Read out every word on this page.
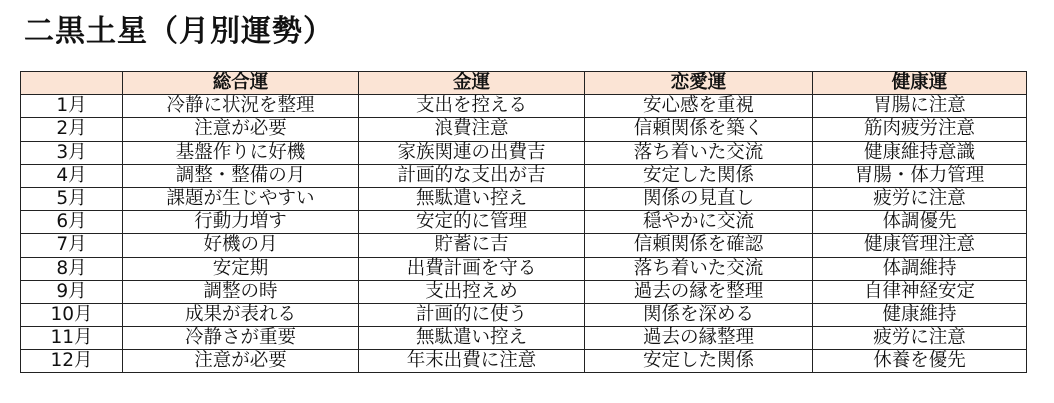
二黒土星（月別運勢）
	総合運	金運	恋愛運	健康運
1月	冷静に状況を整理	支出を控える	安心感を重視	胃腸に注意
2月	注意が必要	浪費注意	信頼関係を築く	筋肉疲労注意
3月	基盤作りに好機	家族関連の出費吉	落ち着いた交流	健康維持意識
4月	調整・整備の月	計画的な支出が吉	安定した関係	胃腸・体力管理
5月	課題が生じやすい	無駄遣い控え	関係の見直し	疲労に注意
6月	行動力増す	安定的に管理	穏やかに交流	体調優先
7月	好機の月	貯蓄に吉	信頼関係を確認	健康管理注意
8月	安定期	出費計画を守る	落ち着いた交流	体調維持
9月	調整の時	支出控えめ	過去の縁を整理	自律神経安定
10月	成果が表れる	計画的に使う	関係を深める	健康維持
11月	冷静さが重要	無駄遣い控え	過去の縁整理	疲労に注意
12月	注意が必要	年末出費に注意	安定した関係	休養を優先
